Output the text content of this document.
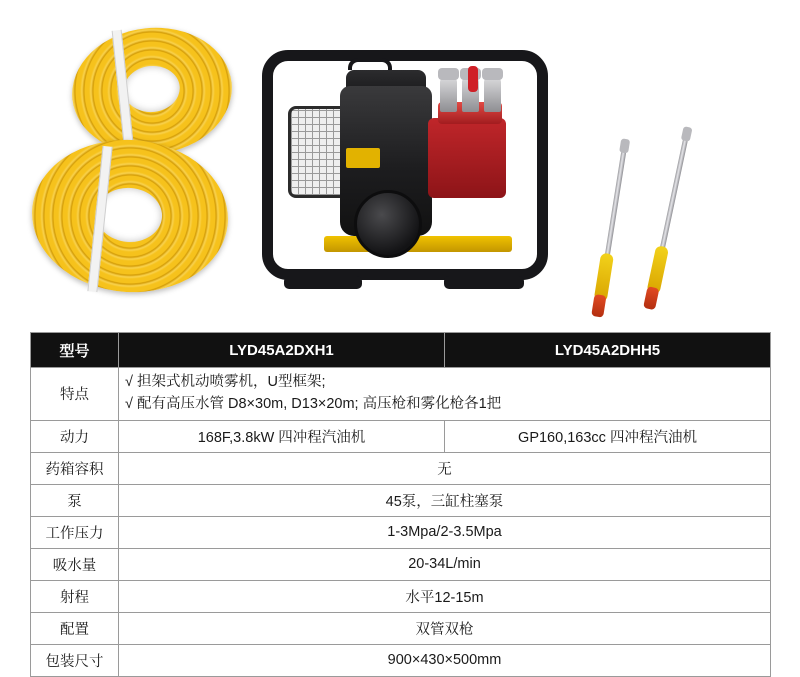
型号	LYD45A2DXH1	LYD45A2DHH5
特点	√ 担架式机动喷雾机，U型框架;
√ 配有高压水管 D8×30m, D13×20m; 高压枪和雾化枪各1把	

动力	168F,3.8kW 四冲程汽油机	GP160,163cc 四冲程汽油机
药箱容积	无	
泵	45泵，三缸柱塞泵	
工作压力	1-3Mpa/2-3.5Mpa	
吸水量	20-34L/min	
射程	水平12-15m	
配置	双管双枪	
包装尺寸	900×430×500mm	
